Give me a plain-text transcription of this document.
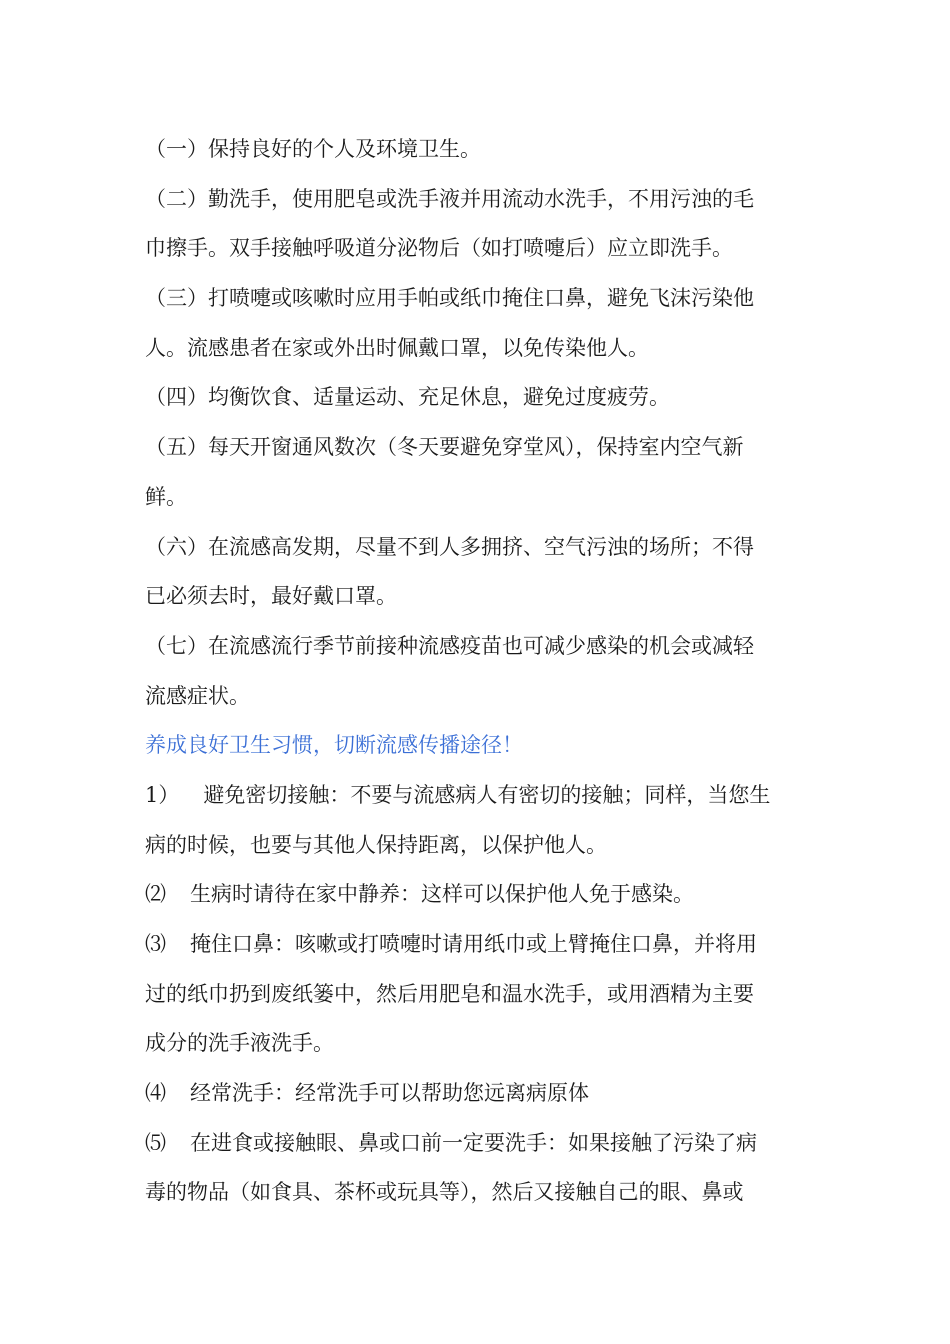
（一）保持良好的个人及环境卫生。
（二）勤洗手，使用肥皂或洗手液并用流动水洗手，不用污浊的毛
巾擦手。双手接触呼吸道分泌物后（如打喷嚏后）应立即洗手。
（三）打喷嚏或咳嗽时应用手帕或纸巾掩住口鼻，避免飞沫污染他
人。流感患者在家或外出时佩戴口罩，以免传染他人。
（四）均衡饮食、适量运动、充足休息，避免过度疲劳。
（五）每天开窗通风数次（冬天要避免穿堂风），保持室内空气新
鲜。
（六）在流感高发期，尽量不到人多拥挤、空气污浊的场所；不得
已必须去时，最好戴口罩。
（七）在流感流行季节前接种流感疫苗也可减少感染的机会或减轻
流感症状。
养成良好卫生习惯，切断流感传播途径！
1） 避免密切接触：不要与流感病人有密切的接触；同样，当您生
病的时候，也要与其他人保持距离，以保护他人。
⑵ 生病时请待在家中静养：这样可以保护他人免于感染。
⑶ 掩住口鼻：咳嗽或打喷嚏时请用纸巾或上臂掩住口鼻，并将用
过的纸巾扔到废纸篓中，然后用肥皂和温水洗手，或用酒精为主要
成分的洗手液洗手。
⑷ 经常洗手：经常洗手可以帮助您远离病原体
⑸ 在进食或接触眼、鼻或口前一定要洗手：如果接触了污染了病
毒的物品（如食具、茶杯或玩具等），然后又接触自己的眼、鼻或
